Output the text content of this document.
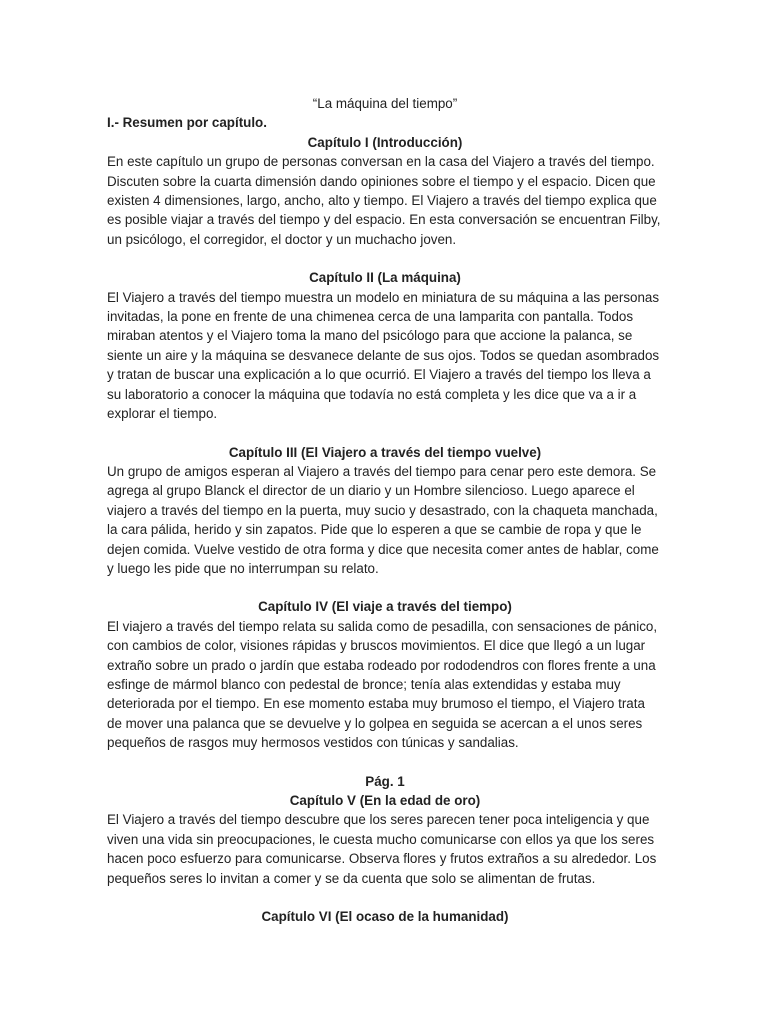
“La máquina del tiempo”

I.- Resumen por capítulo.

Capítulo I (Introducción)

En este capítulo un grupo de personas conversan en la casa del Viajero a través del tiempo. Discuten sobre la cuarta dimensión dando opiniones sobre el tiempo y el espacio. Dicen que existen 4 dimensiones, largo, ancho, alto y tiempo. El Viajero a través del tiempo explica que es posible viajar a través del tiempo y del espacio. En esta conversación se encuentran Filby, un psicólogo, el corregidor, el doctor y un muchacho joven.

Capítulo II (La máquina)

El Viajero a través del tiempo muestra un modelo en miniatura de su máquina a las personas invitadas, la pone en frente de una chimenea cerca de una lamparita con pantalla. Todos miraban atentos y el Viajero toma la mano del psicólogo para que accione la palanca, se siente un aire y la máquina se desvanece delante de sus ojos. Todos se quedan asombrados y tratan de buscar una explicación a lo que ocurrió. El Viajero a través del tiempo los lleva a su laboratorio a conocer la máquina que todavía no está completa y les dice que va a ir a explorar el tiempo.

Capítulo III (El Viajero a través del tiempo vuelve)

Un grupo de amigos esperan al Viajero a través del tiempo para cenar pero este demora. Se agrega al grupo Blanck el director de un diario y un Hombre silencioso. Luego aparece el viajero a través del tiempo en la puerta, muy sucio y desastrado, con la chaqueta manchada, la cara pálida, herido y sin zapatos. Pide que lo esperen a que se cambie de ropa y que le dejen comida. Vuelve vestido de otra forma y dice que necesita comer antes de hablar, come y luego les pide que no interrumpan su relato.

Capítulo IV (El viaje a través del tiempo)

El viajero a través del tiempo relata su salida como de pesadilla, con sensaciones de pánico, con cambios de color, visiones rápidas y bruscos movimientos. El dice que llegó a un lugar extraño sobre un prado o jardín que estaba rodeado por rododendros con flores frente a una esfinge de mármol blanco con pedestal de bronce; tenía alas extendidas y estaba muy deteriorada por el tiempo. En ese momento estaba muy brumoso el tiempo, el Viajero trata de mover una palanca que se devuelve y lo golpea en seguida se acercan a el unos seres pequeños de rasgos muy hermosos vestidos con túnicas y sandalias.

Pág. 1

Capítulo V (En la edad de oro)

El Viajero a través del tiempo descubre que los seres parecen tener poca inteligencia y que viven una vida sin preocupaciones, le cuesta mucho comunicarse con ellos ya que los seres hacen poco esfuerzo para comunicarse. Observa flores y frutos extraños a su alrededor. Los pequeños seres lo invitan a comer y se da cuenta que solo se alimentan de frutas.

Capítulo VI (El ocaso de la humanidad)
